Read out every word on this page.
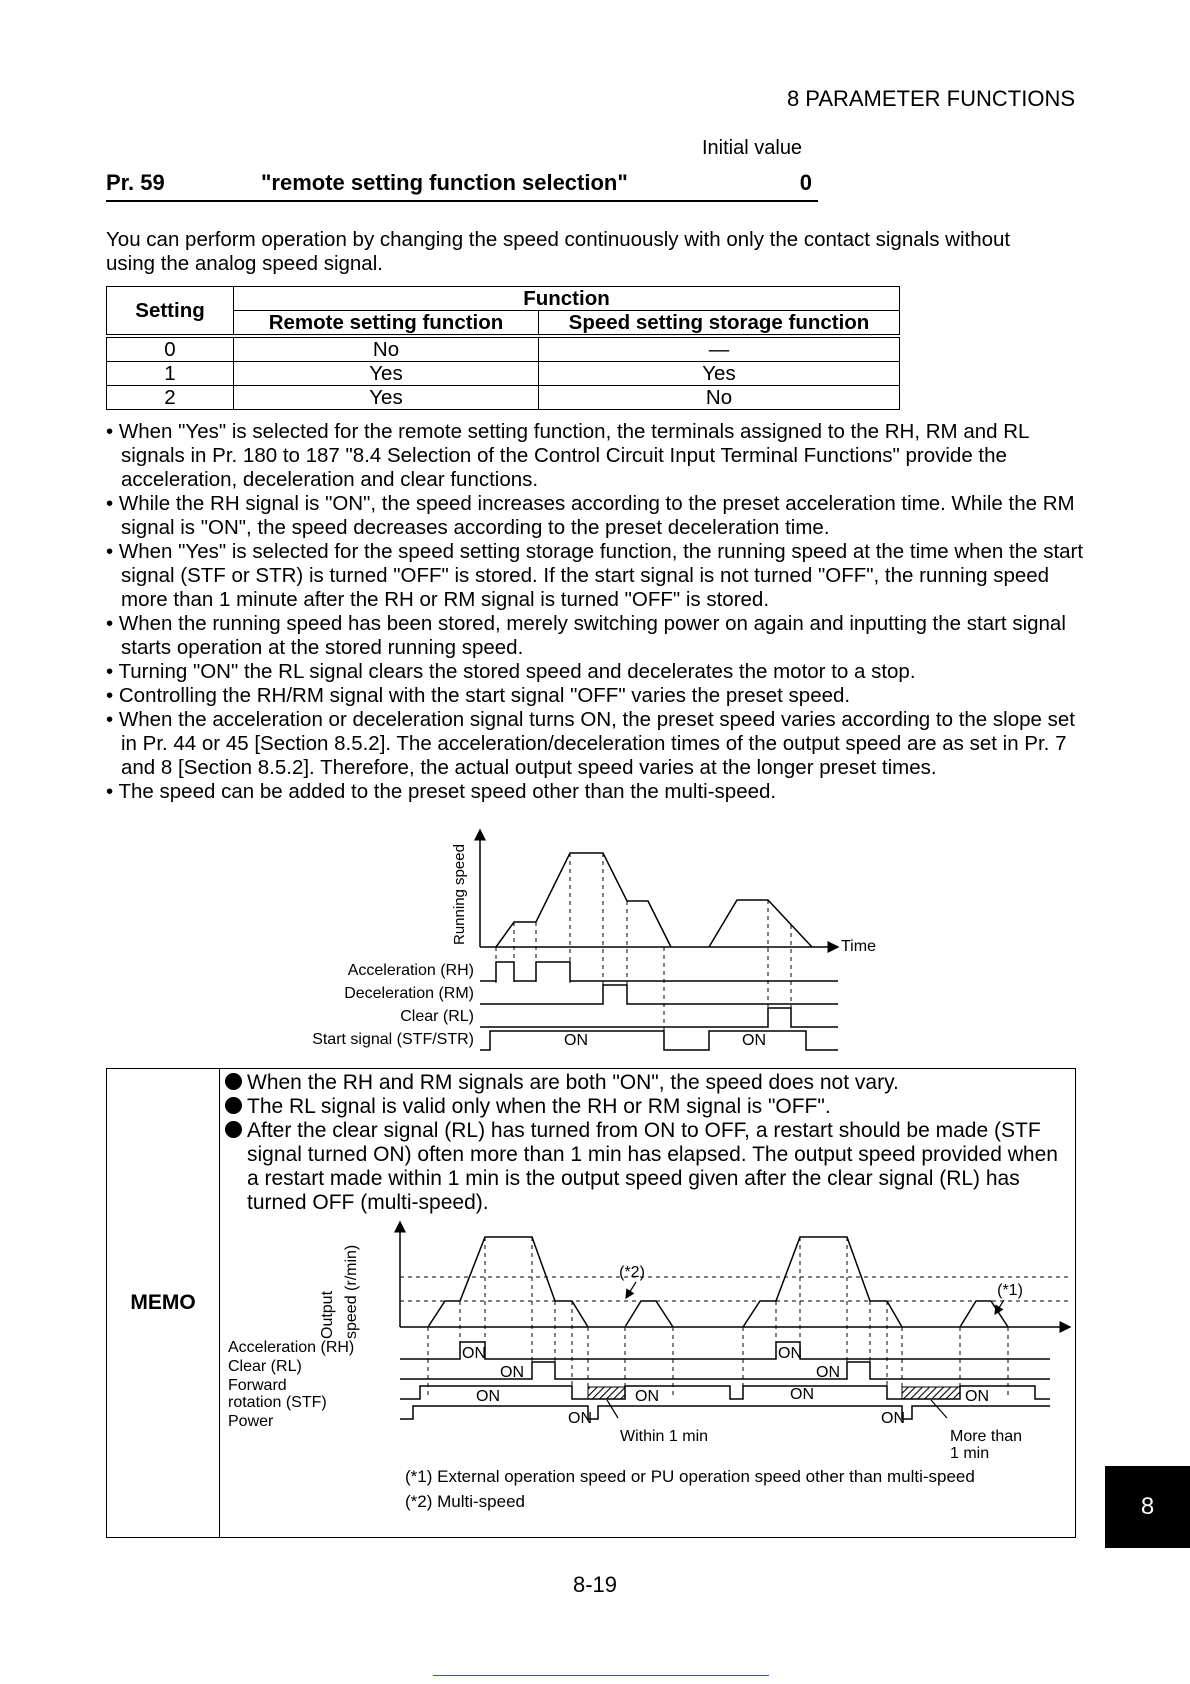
8 PARAMETER FUNCTIONS
Initial value
Pr. 59	"remote setting function selection"	0
You can perform operation by changing the speed continuously with only the contact signals without using the analog speed signal.
Setting	Function	
	Remote setting function	Speed setting storage function
0	No	—
1	Yes	Yes
2	Yes	No
• When "Yes" is selected for the remote setting function, the terminals assigned to the RH, RM and RL signals in Pr. 180 to 187 "8.4 Selection of the Control Circuit Input Terminal Functions" provide the acceleration, deceleration and clear functions.
• While the RH signal is "ON", the speed increases according to the preset acceleration time. While the RM signal is "ON", the speed decreases according to the preset deceleration time.
• When "Yes" is selected for the speed setting storage function, the running speed at the time when the start signal (STF or STR) is turned "OFF" is stored. If the start signal is not turned "OFF", the running speed more than 1 minute after the RH or RM signal is turned "OFF" is stored.
• When the running speed has been stored, merely switching power on again and inputting the start signal starts operation at the stored running speed.
• Turning "ON" the RL signal clears the stored speed and decelerates the motor to a stop.
• Controlling the RH/RM signal with the start signal "OFF" varies the preset speed.
• When the acceleration or deceleration signal turns ON, the preset speed varies according to the slope set in Pr. 44 or 45 [Section 8.5.2]. The acceleration/deceleration times of the output speed are as set in Pr. 7 and 8 [Section 8.5.2]. Therefore, the actual output speed varies at the longer preset times.
• The speed can be added to the preset speed other than the multi-speed.
Running speed
Time
Acceleration (RH)
Deceleration (RM)
Clear (RL)
Start signal (STF/STR)	ON	ON
MEMO
When the RH and RM signals are both "ON", the speed does not vary.
The RL signal is valid only when the RH or RM signal is "OFF".
After the clear signal (RL) has turned from ON to OFF, a restart should be made (STF signal turned ON) often more than 1 min has elapsed. The output speed provided when a restart made within 1 min is the output speed given after the clear signal (RL) has turned OFF (multi-speed).
Output speed (r/min)	(*2)
(*1)
Acceleration (RH)
Clear (RL)
Forward
rotation (STF)
Power
ON	ON
ON	ON
ON	ON	ON	ON
ON	ON
Within 1 min	More than
1 min
(*1) External operation speed or PU operation speed other than multi-speed
(*2) Multi-speed
8-19
8
